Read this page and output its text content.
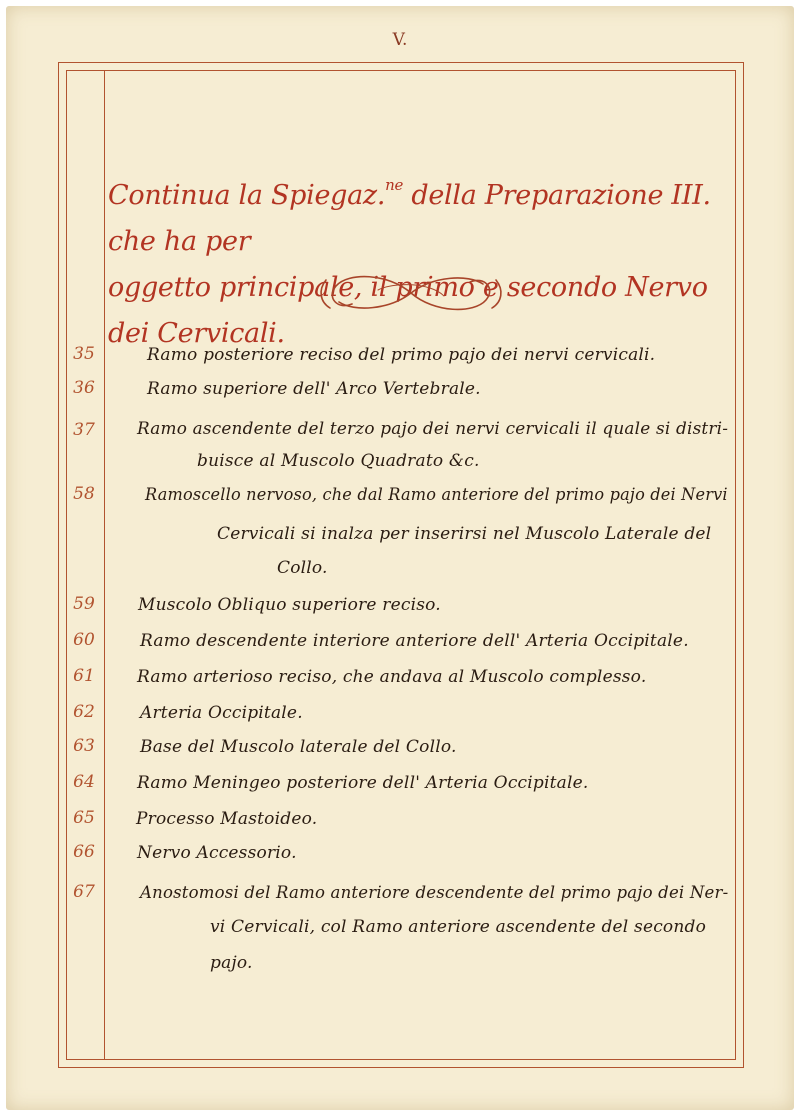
V.
Continua la Spiegaz.$^{ne}$ della Preparazione III. che ha per
oggetto principale, il primo e secondo Nervo dei Cervicali.
35	Ramo posteriore reciso del primo pajo dei nervi cervicali.
36	Ramo superiore dell' Arco Vertebrale.
37	Ramo ascendente del terzo pajo dei nervi cervicali il quale si distri-
buisce al Muscolo Quadrato &c.
58	Ramoscello nervoso, che dal Ramo anteriore del primo pajo dei Nervi
Cervicali si inalza per inserirsi nel Muscolo Laterale del
Collo.
59	Muscolo Obliquo superiore reciso.
60	Ramo descendente interiore anteriore dell' Arteria Occipitale.
61	Ramo arterioso reciso, che andava al Muscolo complesso.
62	Arteria Occipitale.
63	Base del Muscolo laterale del Collo.
64	Ramo Meningeo posteriore dell' Arteria Occipitale.
65	Processo Mastoideo.
66	Nervo Accessorio.
67	Anostomosi del Ramo anteriore descendente del primo pajo dei Ner-
vi Cervicali, col Ramo anteriore ascendente del secondo
pajo.
